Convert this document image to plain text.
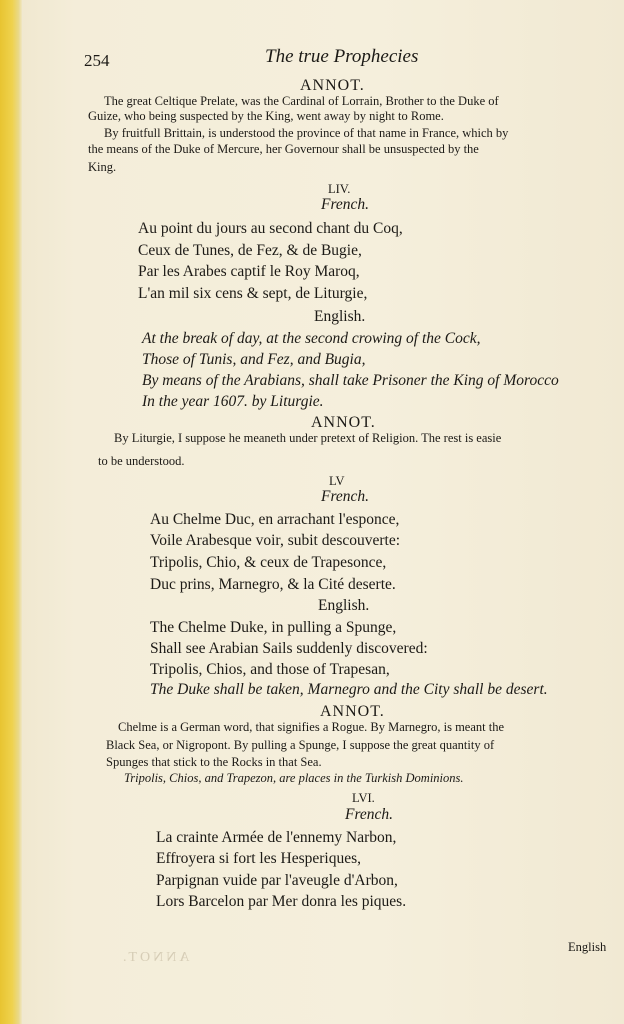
254	The true Prophecies
ANNOT.
The great Celtique Prelate, was the Cardinal of Lorrain, Brother to the Duke of
Guize, who being suspected by the King, went away by night to Rome.
By fruitfull Brittain, is understood the province of that name in France, which by
the means of the Duke of Mercure, her Governour shall be unsuspected by the
King.
LIV.
French.
Au point du jours au second chant du Coq,
Ceux de Tunes, de Fez, & de Bugie,
Par les Arabes captif le Roy Maroq,
L'an mil six cens & sept, de Liturgie,
English.
At the break of day, at the second crowing of the Cock,
Those of Tunis, and Fez, and Bugia,
By means of the Arabians, shall take Prisoner the King of Morocco
In the year 1607. by Liturgie.
ANNOT.
By Liturgie, I suppose he meaneth under pretext of Religion. The rest is easie
to be understood.
LV
French.
Au Chelme Duc, en arrachant l'esponce,
Voile Arabesque voir, subit descouverte:
Tripolis, Chio, & ceux de Trapesonce,
Duc prins, Marnegro, & la Cité deserte.
English.
The Chelme Duke, in pulling a Spunge,
Shall see Arabian Sails suddenly discovered:
Tripolis, Chios, and those of Trapesan,
The Duke shall be taken, Marnegro and the City shall be desert.
ANNOT.
Chelme is a German word, that signifies a Rogue. By Marnegro, is meant the
Black Sea, or Nigropont. By pulling a Spunge, I suppose the great quantity of
Spunges that stick to the Rocks in that Sea.
Tripolis, Chios, and Trapezon, are places in the Turkish Dominions.
LVI.
French.
La crainte Armée de l'ennemy Narbon,
Effroyera si fort les Hesperiques,
Parpignan vuide par l'aveugle d'Arbon,
Lors Barcelon par Mer donra les piques.
English
ANNOT.
